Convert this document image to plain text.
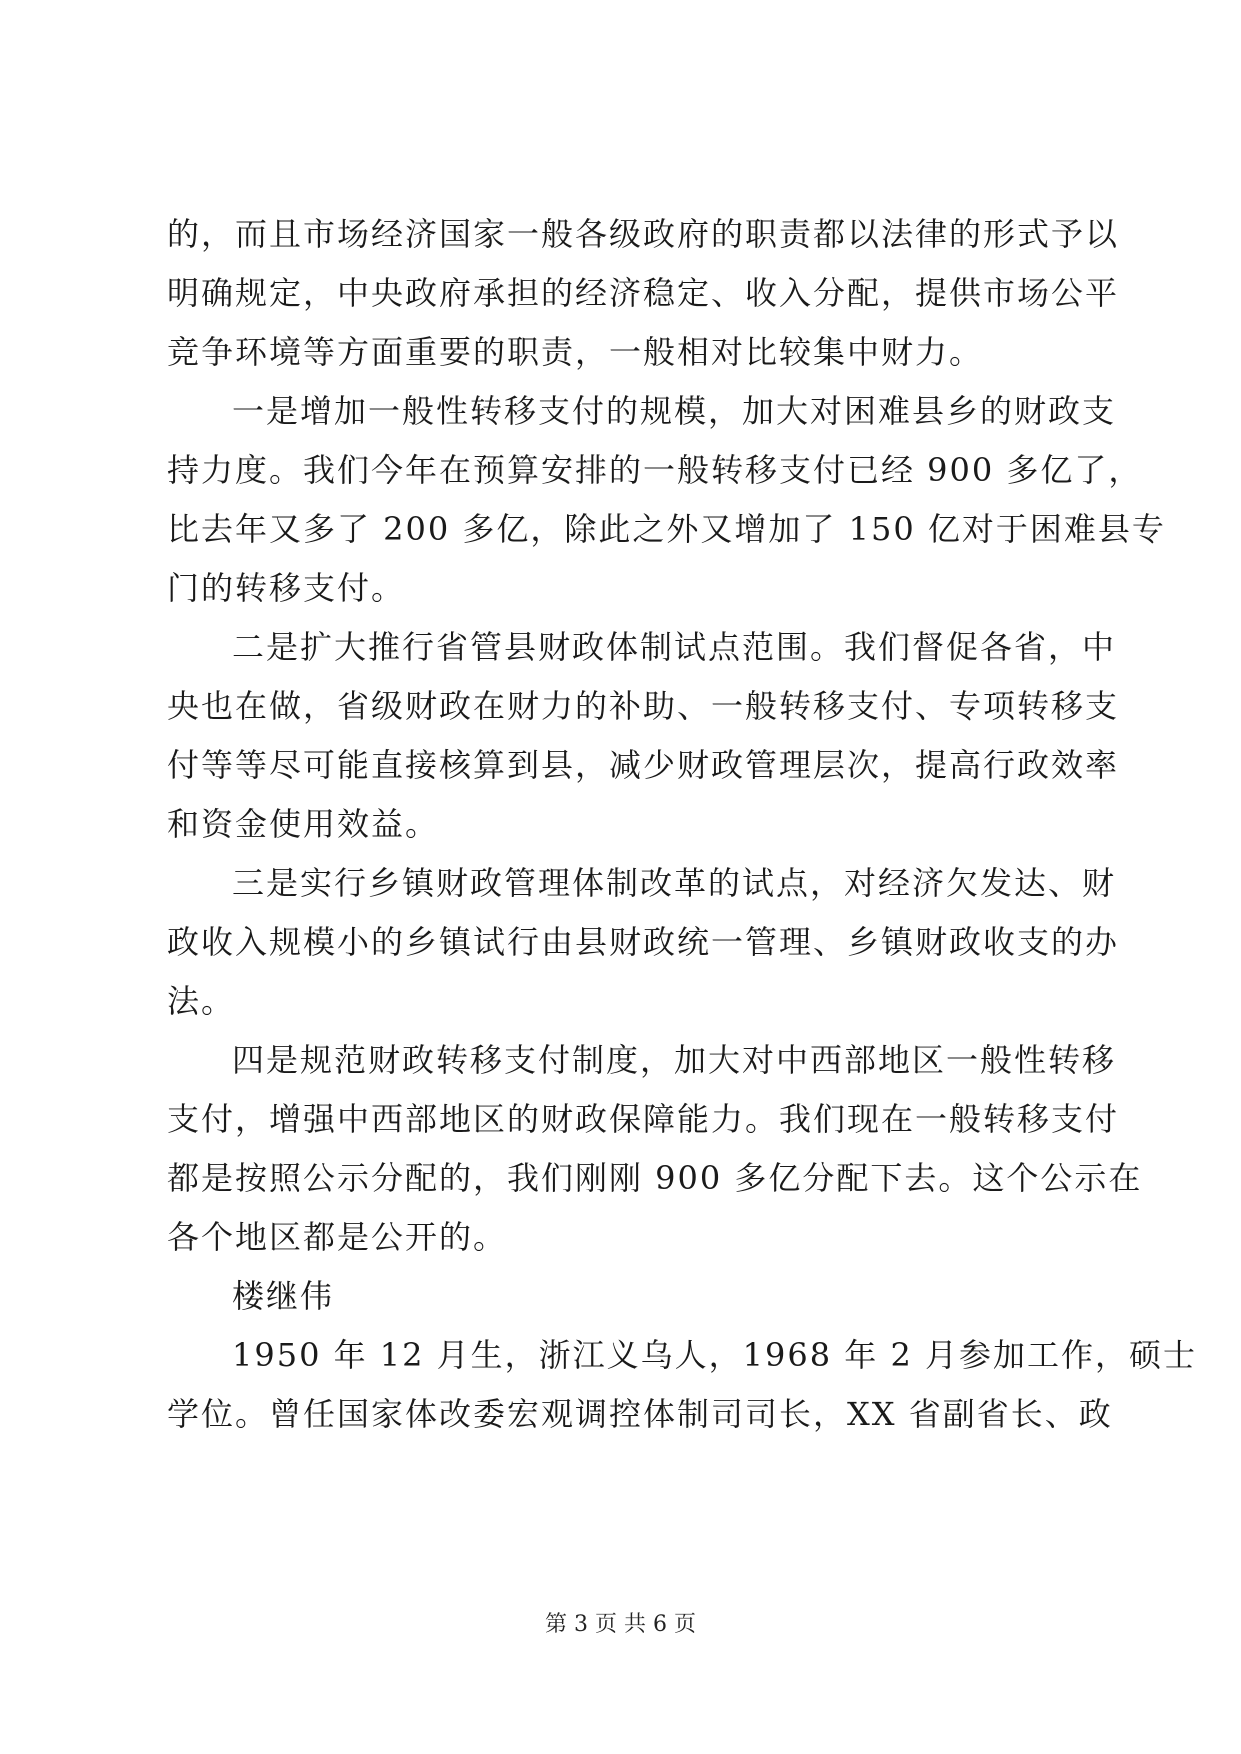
的，而且市场经济国家一般各级政府的职责都以法律的形式予以
明确规定，中央政府承担的经济稳定、收入分配，提供市场公平
竞争环境等方面重要的职责，一般相对比较集中财力。
一是增加一般性转移支付的规模，加大对困难县乡的财政支
持力度。我们今年在预算安排的一般转移支付已经 900 多亿了，
比去年又多了 200 多亿，除此之外又增加了 150 亿对于困难县专
门的转移支付。
二是扩大推行省管县财政体制试点范围。我们督促各省，中
央也在做，省级财政在财力的补助、一般转移支付、专项转移支
付等等尽可能直接核算到县，减少财政管理层次，提高行政效率
和资金使用效益。
三是实行乡镇财政管理体制改革的试点，对经济欠发达、财
政收入规模小的乡镇试行由县财政统一管理、乡镇财政收支的办
法。
四是规范财政转移支付制度，加大对中西部地区一般性转移
支付，增强中西部地区的财政保障能力。我们现在一般转移支付
都是按照公示分配的，我们刚刚 900 多亿分配下去。这个公示在
各个地区都是公开的。
楼继伟
1950 年 12 月生，浙江义乌人，1968 年 2 月参加工作，硕士
学位。曾任国家体改委宏观调控体制司司长，XX 省副省长、政
第 3 页 共 6 页
